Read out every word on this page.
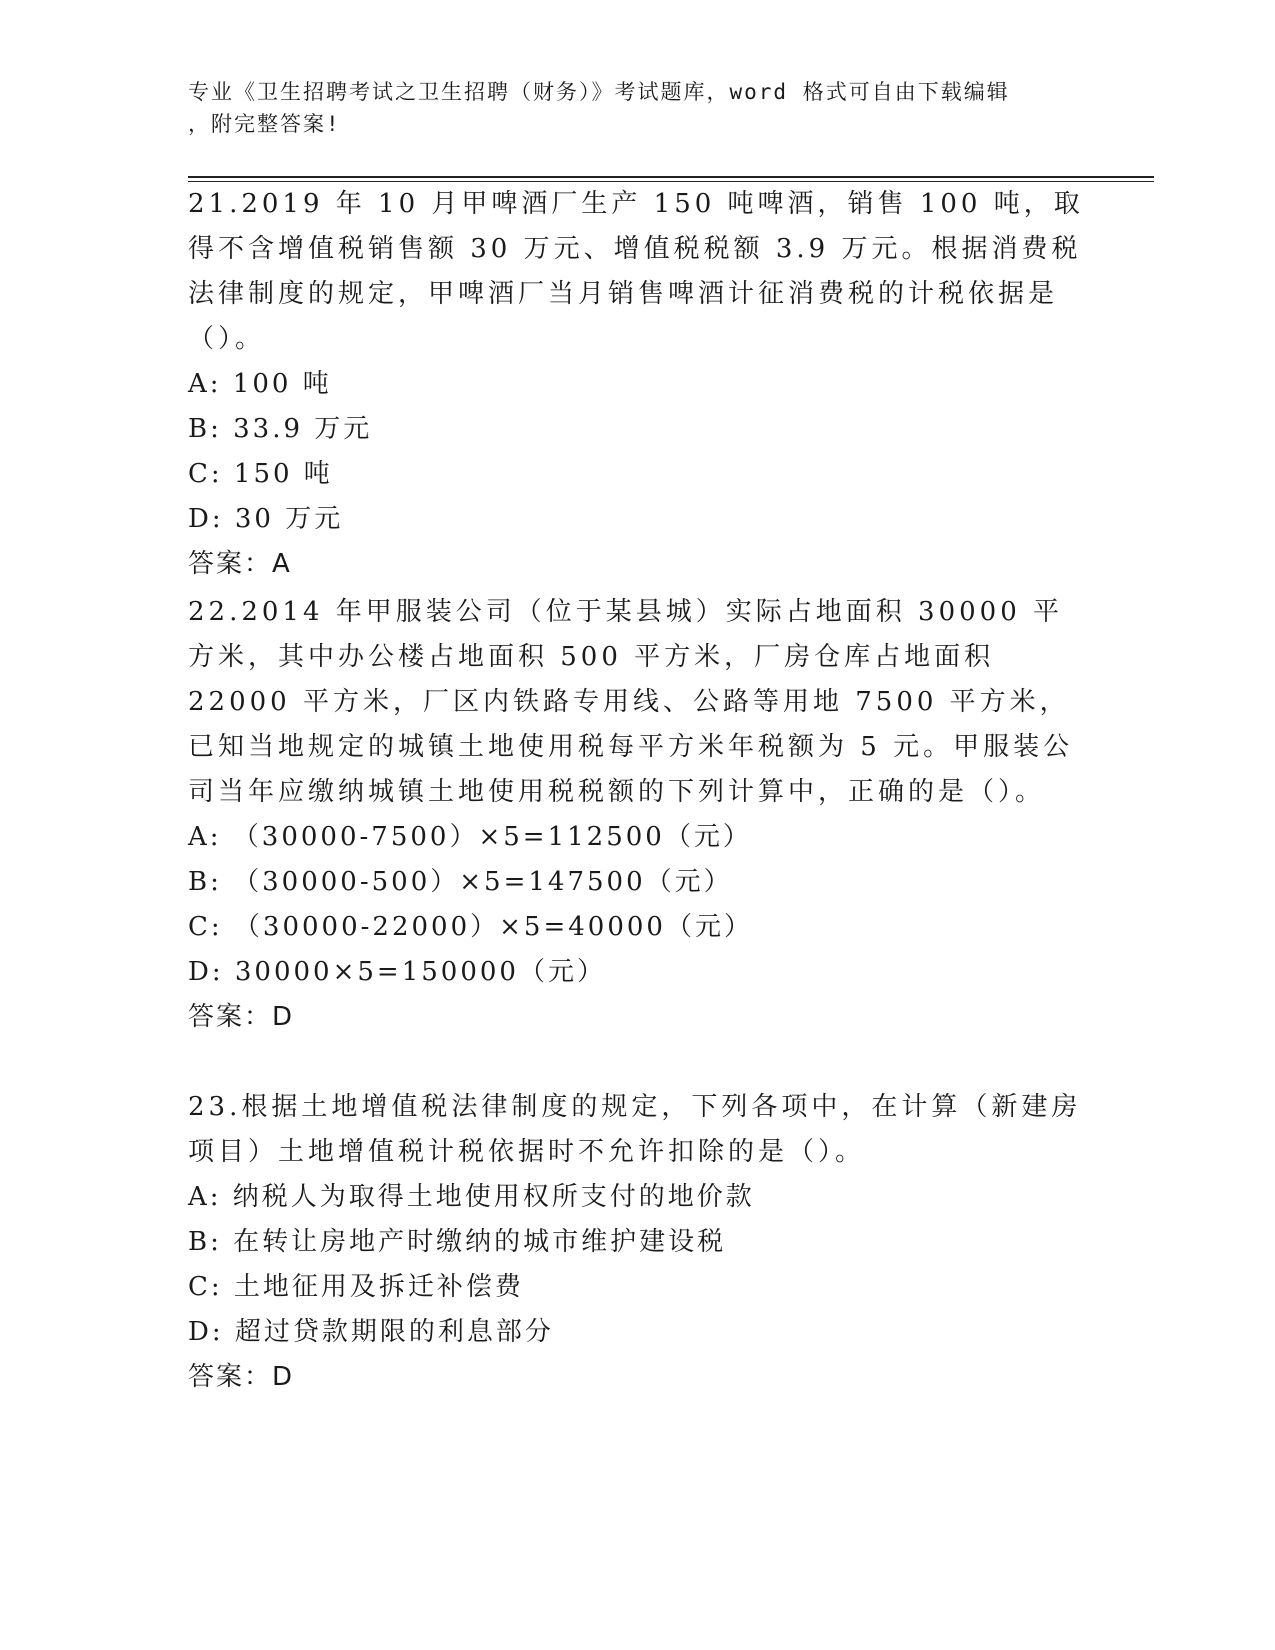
专业《卫生招聘考试之卫生招聘（财务）》考试题库，word 格式可自由下载编辑
，附完整答案!

21.2019 年 10 月甲啤酒厂生产 150 吨啤酒，销售 100 吨，取得不含增值税销售额 30 万元、增值税税额 3.9 万元。根据消费税法律制度的规定，甲啤酒厂当月销售啤酒计征消费税的计税依据是（）。

A: 100 吨

B: 33.9 万元

C: 150 吨

D: 30 万元

答案：A

22.2014 年甲服装公司（位于某县城）实际占地面积 30000 平方米，其中办公楼占地面积 500 平方米，厂房仓库占地面积 22000 平方米，厂区内铁路专用线、公路等用地 7500 平方米，已知当地规定的城镇土地使用税每平方米年税额为 5 元。甲服装公司当年应缴纳城镇土地使用税税额的下列计算中，正确的是（）。

A: （30000-7500）×5=112500（元）

B: （30000-500）×5=147500（元）

C: （30000-22000）×5=40000（元）

D: 30000×5=150000（元）

答案：D

23.根据土地增值税法律制度的规定，下列各项中，在计算（新建房项目）土地增值税计税依据时不允许扣除的是（）。

A: 纳税人为取得土地使用权所支付的地价款

B: 在转让房地产时缴纳的城市维护建设税

C: 土地征用及拆迁补偿费

D: 超过贷款期限的利息部分

答案：D
